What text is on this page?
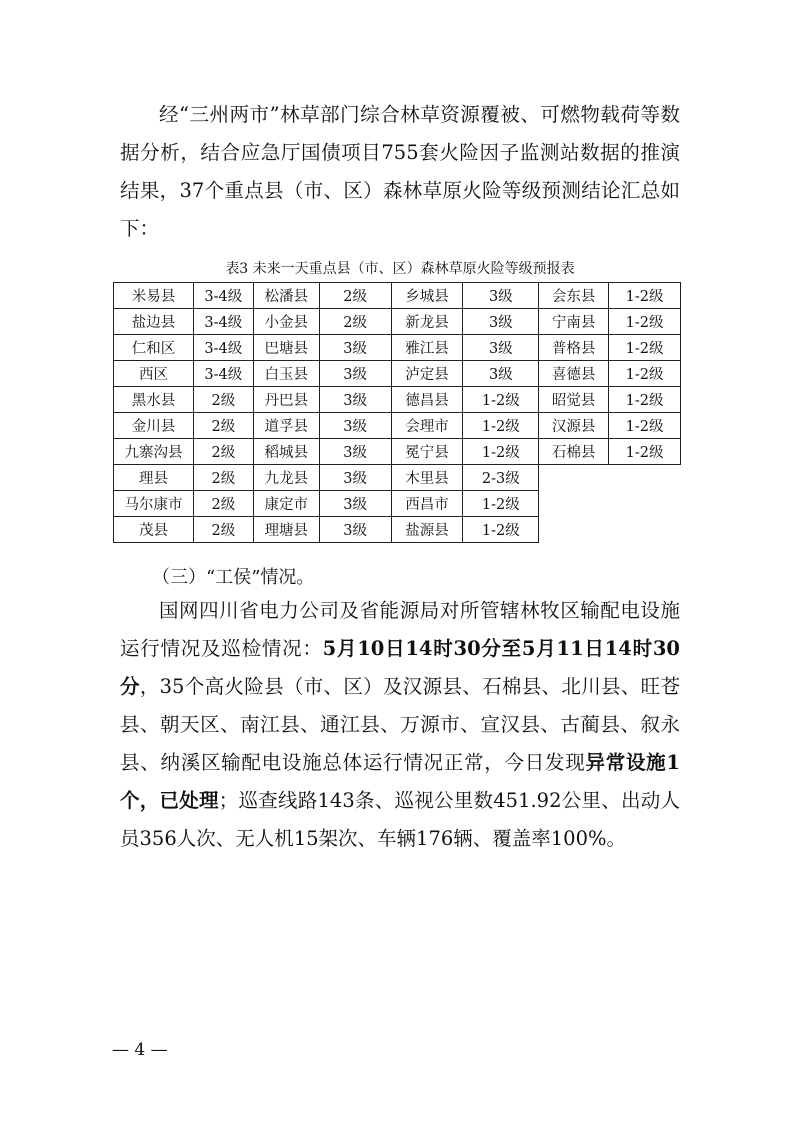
经“三州两市”林草部门综合林草资源覆被、可燃物载荷等数据分析，结合应急厅国债项目755套火险因子监测站数据的推演结果，37个重点县（市、区）森林草原火险等级预测结论汇总如下：

表3 未来一天重点县（市、区）森林草原火险等级预报表

米易县	3-4级	松潘县	2级	乡城县	3级	会东县	1-2级
盐边县	3-4级	小金县	2级	新龙县	3级	宁南县	1-2级
仁和区	3-4级	巴塘县	3级	雅江县	3级	普格县	1-2级
西区	3-4级	白玉县	3级	泸定县	3级	喜德县	1-2级
黑水县	2级	丹巴县	3级	德昌县	1-2级	昭觉县	1-2级
金川县	2级	道孚县	3级	会理市	1-2级	汉源县	1-2级
九寨沟县	2级	稻城县	3级	冕宁县	1-2级	石棉县	1-2级
理县	2级	九龙县	3级	木里县	2-3级		
马尔康市	2级	康定市	3级	西昌市	1-2级		
茂县	2级	理塘县	3级	盐源县	1-2级		

（三）“工侯”情况。

国网四川省电力公司及省能源局对所管辖林牧区输配电设施运行情况及巡检情况：5月10日14时30分至5月11日14时30分，35个高火险县（市、区）及汉源县、石棉县、北川县、旺苍县、朝天区、南江县、通江县、万源市、宣汉县、古蔺县、叙永县、纳溪区输配电设施总体运行情况正常，今日发现异常设施1个，已处理；巡查线路143条、巡视公里数451.92公里、出动人员356人次、无人机15架次、车辆176辆、覆盖率100%。

— 4 —
